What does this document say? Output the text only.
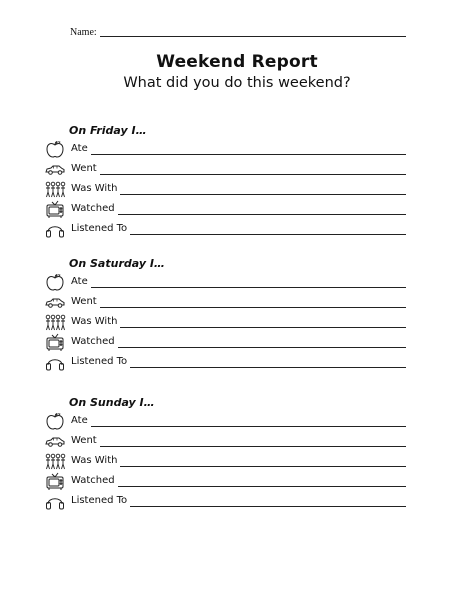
Name:
Weekend Report
What did you do this weekend?
On Friday I…
Ate
Went
Was With
Watched
Listened To
On Saturday I…
Ate
Went
Was With
Watched
Listened To
On Sunday I…
Ate
Went
Was With
Watched
Listened To
